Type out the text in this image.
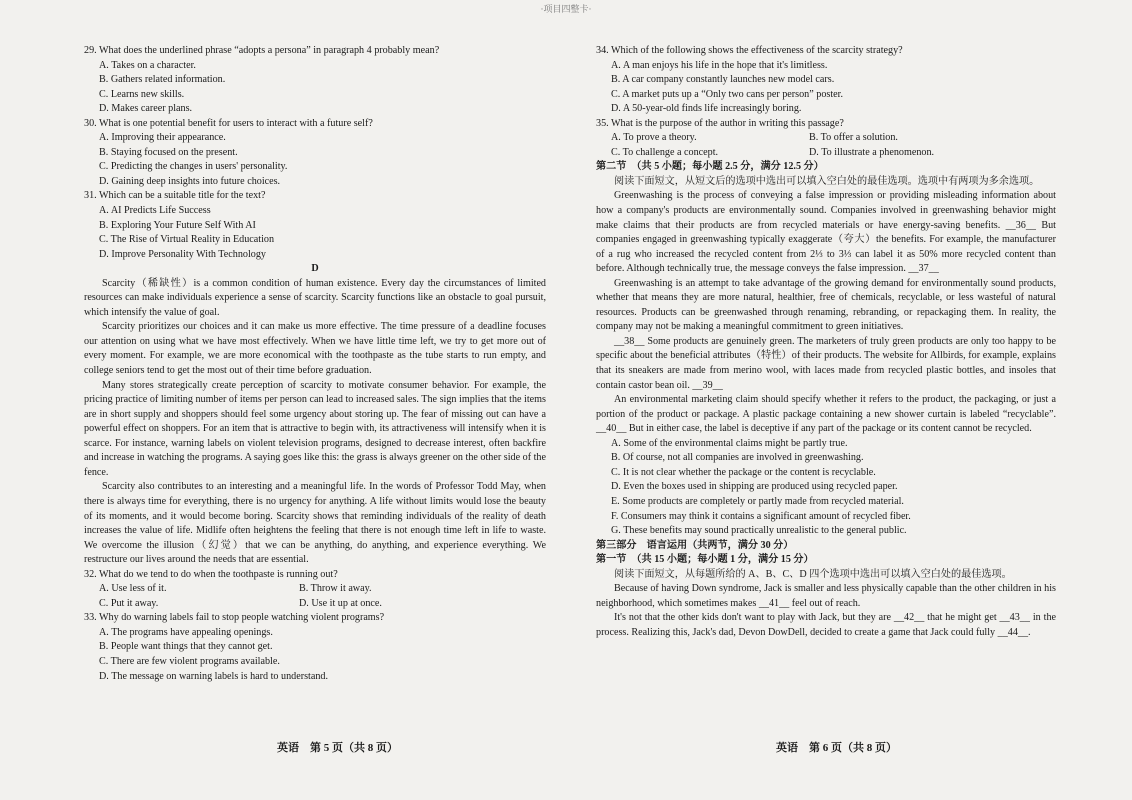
·项目四整卡·

29. What does the underlined phrase “adopts a persona” in paragraph 4 probably mean?

A. Takes on a character.

B. Gathers related information.

C. Learns new skills.

D. Makes career plans.

30. What is one potential benefit for users to interact with a future self?

A. Improving their appearance.

B. Staying focused on the present.

C. Predicting the changes in users' personality.

D. Gaining deep insights into future choices.

31. Which can be a suitable title for the text?

A. AI Predicts Life Success

B. Exploring Your Future Self With AI

C. The Rise of Virtual Reality in Education

D. Improve Personality With Technology

D

Scarcity（稀缺性）is a common condition of human existence. Every day the circumstances of limited resources can make individuals experience a sense of scarcity. Scarcity functions like an obstacle to goal pursuit, which intensify the value of goal.

Scarcity prioritizes our choices and it can make us more effective. The time pressure of a deadline focuses our attention on using what we have most effectively. When we have little time left, we try to get more out of every moment. For example, we are more economical with the toothpaste as the tube starts to run empty, and college seniors tend to get the most out of their time before graduation.

Many stores strategically create perception of scarcity to motivate consumer behavior. For example, the pricing practice of limiting number of items per person can lead to increased sales. The sign implies that the items are in short supply and shoppers should feel some urgency about storing up. The fear of missing out can have a powerful effect on shoppers. For an item that is attractive to begin with, its attractiveness will intensify when it is scarce. For instance, warning labels on violent television programs, designed to decrease interest, often backfire and increase in watching the programs. A saying goes like this: the grass is always greener on the other side of the fence.

Scarcity also contributes to an interesting and a meaningful life. In the words of Professor Todd May, when there is always time for everything, there is no urgency for anything. A life without limits would lose the beauty of its moments, and it would become boring. Scarcity shows that reminding individuals of the reality of death increases the value of life. Midlife often heightens the feeling that there is not enough time left in life to waste. We overcome the illusion（幻觉）that we can be anything, do anything, and experience everything. We restructure our lives around the needs that are essential.

32. What do we tend to do when the toothpaste is running out?

A. Use less of it.	B. Throw it away.
C. Put it away.	D. Use it up at once.

33. Why do warning labels fail to stop people watching violent programs?

A. The programs have appealing openings.

B. People want things that they cannot get.

C. There are few violent programs available.

D. The message on warning labels is hard to understand.

34. Which of the following shows the effectiveness of the scarcity strategy?

A. A man enjoys his life in the hope that it's limitless.

B. A car company constantly launches new model cars.

C. A market puts up a “Only two cans per person” poster.

D. A 50-year-old finds life increasingly boring.

35. What is the purpose of the author in writing this passage?

A. To prove a theory.	B. To offer a solution.
C. To challenge a concept.	D. To illustrate a phenomenon.

第二节　（共 5 小题；每小题 2.5 分，满分 12.5 分）

阅读下面短文，从短文后的选项中选出可以填入空白处的最佳选项。选项中有两项为多余选项。

Greenwashing is the process of conveying a false impression or providing misleading information about how a company's products are environmentally sound. Companies involved in greenwashing behavior might make claims that their products are from recycled materials or have energy-saving benefits. __36__ But companies engaged in greenwashing typically exaggerate（夸大）the benefits. For example, the manufacturer of a rug who increased the recycled content from 2⅓ to 3⅓ can label it as 50% more recycled content than before. Although technically true, the message conveys the false impression. __37__

Greenwashing is an attempt to take advantage of the growing demand for environmentally sound products, whether that means they are more natural, healthier, free of chemicals, recyclable, or less wasteful of natural resources. Products can be greenwashed through renaming, rebranding, or repackaging them. In reality, the company may not be making a meaningful commitment to green initiatives.

__38__ Some products are genuinely green. The marketers of truly green products are only too happy to be specific about the beneficial attributes（特性）of their products. The website for Allbirds, for example, explains that its sneakers are made from merino wool, with laces made from recycled plastic bottles, and insoles that contain castor bean oil. __39__

An environmental marketing claim should specify whether it refers to the product, the packaging, or just a portion of the product or package. A plastic package containing a new shower curtain is labeled “recyclable”. __40__ But in either case, the label is deceptive if any part of the package or its content cannot be recycled.

A. Some of the environmental claims might be partly true.

B. Of course, not all companies are involved in greenwashing.

C. It is not clear whether the package or the content is recyclable.

D. Even the boxes used in shipping are produced using recycled paper.

E. Some products are completely or partly made from recycled material.

F. Consumers may think it contains a significant amount of recycled fiber.

G. These benefits may sound practically unrealistic to the general public.

第三部分　语言运用（共两节，满分 30 分）

第一节　（共 15 小题；每小题 1 分，满分 15 分）

阅读下面短文，从每题所给的 A、B、C、D 四个选项中选出可以填入空白处的最佳选项。

Because of having Down syndrome, Jack is smaller and less physically capable than the other children in his neighborhood, which sometimes makes __41__ feel out of reach.

It's not that the other kids don't want to play with Jack, but they are __42__ that he might get __43__ in the process. Realizing this, Jack's dad, Devon DowDell, decided to create a game that Jack could fully __44__.

英语　第 5 页（共 8 页）	英语　第 6 页（共 8 页）
